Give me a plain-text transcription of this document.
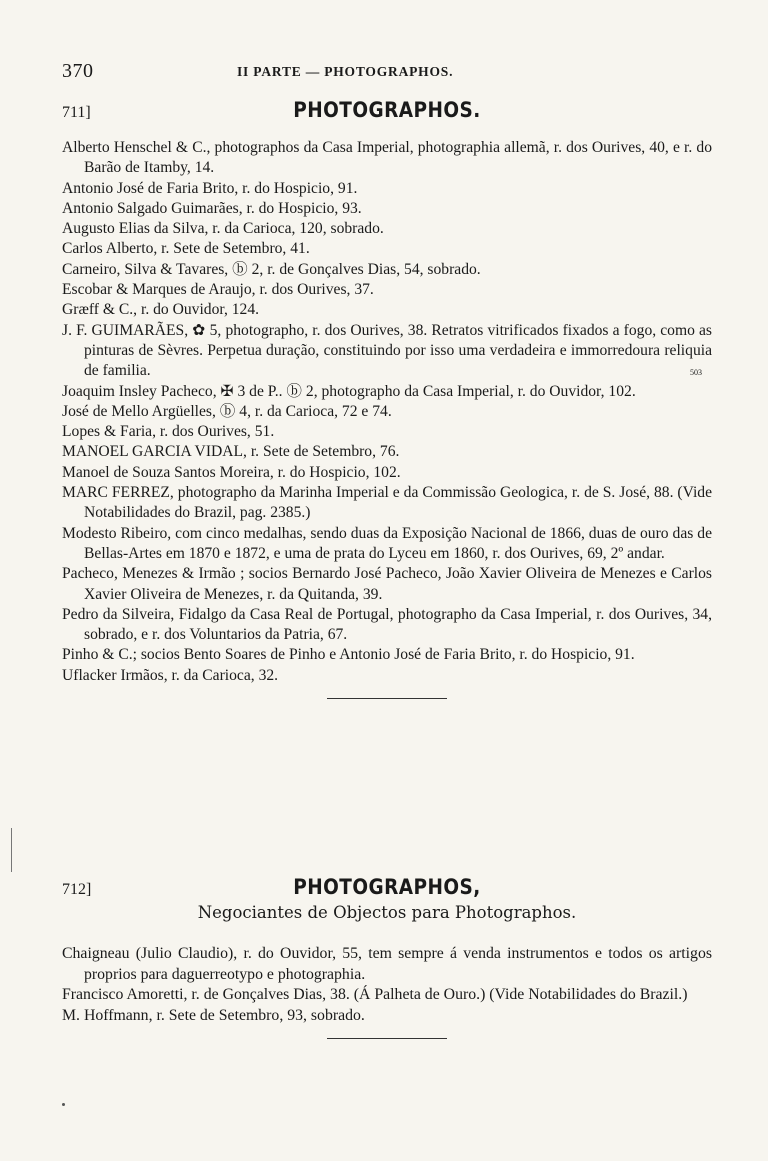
370	II PARTE — PHOTOGRAPHOS.
711]	PHOTOGRAPHOS.

Alberto Henschel & C., photographos da Casa Imperial, photographia allemã, r. dos Ourives, 40, e r. do Barão de Itamby, 14.

Antonio José de Faria Brito, r. do Hospicio, 91.

Antonio Salgado Guimarães, r. do Hospicio, 93.

Augusto Elias da Silva, r. da Carioca, 120, sobrado.

Carlos Alberto, r. Sete de Setembro, 41.

Carneiro, Silva & Tavares, ⓑ 2, r. de Gonçalves Dias, 54, sobrado.

Escobar & Marques de Araujo, r. dos Ourives, 37.

Græff & C., r. do Ouvidor, 124.

J. F. GUIMARÃES, ✿ 5, photographo, r. dos Ourives, 38. Retratos vitrificados fixados a fogo, como as pinturas de Sèvres. Perpetua duração, constituindo por isso uma verdadeira e immorredoura reliquia de familia.	503

Joaquim Insley Pacheco, ✠ 3 de P.. ⓑ 2, photographo da Casa Imperial, r. do Ouvidor, 102.

José de Mello Argüelles, ⓑ 4, r. da Carioca, 72 e 74.

Lopes & Faria, r. dos Ourives, 51.

MANOEL GARCIA VIDAL, r. Sete de Setembro, 76.

Manoel de Souza Santos Moreira, r. do Hospicio, 102.

MARC FERREZ, photographo da Marinha Imperial e da Commissão Geologica, r. de S. José, 88. (Vide Notabilidades do Brazil, pag. 2385.)

Modesto Ribeiro, com cinco medalhas, sendo duas da Exposição Nacional de 1866, duas de ouro das de Bellas-Artes em 1870 e 1872, e uma de prata do Lyceu em 1860, r. dos Ourives, 69, 2º andar.

Pacheco, Menezes & Irmão ; socios Bernardo José Pacheco, João Xavier Oliveira de Menezes e Carlos Xavier Oliveira de Menezes, r. da Quitanda, 39.

Pedro da Silveira, Fidalgo da Casa Real de Portugal, photographo da Casa Imperial, r. dos Ourives, 34, sobrado, e r. dos Voluntarios da Patria, 67.

Pinho & C.; socios Bento Soares de Pinho e Antonio José de Faria Brito, r. do Hospicio, 91.

Uflacker Irmãos, r. da Carioca, 32.

712]	PHOTOGRAPHOS,
Negociantes de Objectos para Photographos.

Chaigneau (Julio Claudio), r. do Ouvidor, 55, tem sempre á venda instrumentos e todos os artigos proprios para daguerreotypo e photographia.

Francisco Amoretti, r. de Gonçalves Dias, 38. (Á Palheta de Ouro.) (Vide Notabilidades do Brazil.)

M. Hoffmann, r. Sete de Setembro, 93, sobrado.
